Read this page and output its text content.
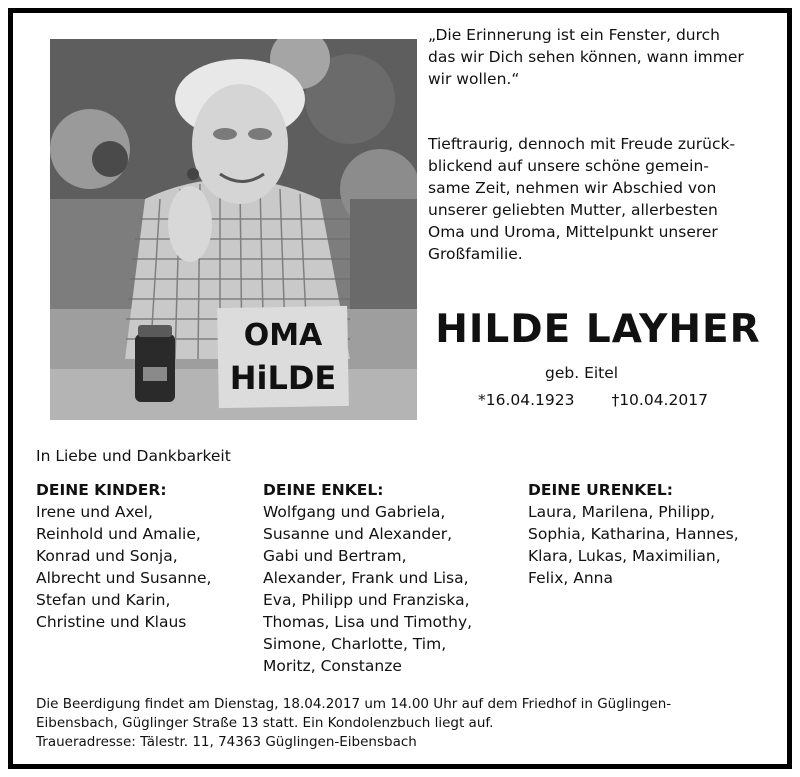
OMA
HiLDE

„Die Erinnerung ist ein Fenster, durch
das wir Dich sehen können, wann immer
wir wollen.“

Tieftraurig, dennoch mit Freude zurück-
blickend auf unsere schöne gemein-
same Zeit, nehmen wir Abschied von
unserer geliebten Mutter, allerbesten
Oma und Uroma, Mittelpunkt unserer
Großfamilie.

HILDE LAYHER

geb. Eitel

*16.04.1923 †10.04.2017

In Liebe und Dankbarkeit

DEINE KINDER:
Irene und Axel,
Reinhold und Amalie,
Konrad und Sonja,
Albrecht und Susanne,
Stefan und Karin,
Christine und Klaus
DEINE ENKEL:
Wolfgang und Gabriela,
Susanne und Alexander,
Gabi und Bertram,
Alexander, Frank und Lisa,
Eva, Philipp und Franziska,
Thomas, Lisa und Timothy,
Simone, Charlotte, Tim,
Moritz, Constanze
DEINE URENKEL:
Laura, Marilena, Philipp,
Sophia, Katharina, Hannes,
Klara, Lukas, Maximilian,
Felix, Anna

Die Beerdigung findet am Dienstag, 18.04.2017 um 14.00 Uhr auf dem Friedhof in Güglingen-

Eibensbach, Güglinger Straße 13 statt. Ein Kondolenzbuch liegt auf.

Traueradresse: Tälestr. 11, 74363 Güglingen-Eibensbach
